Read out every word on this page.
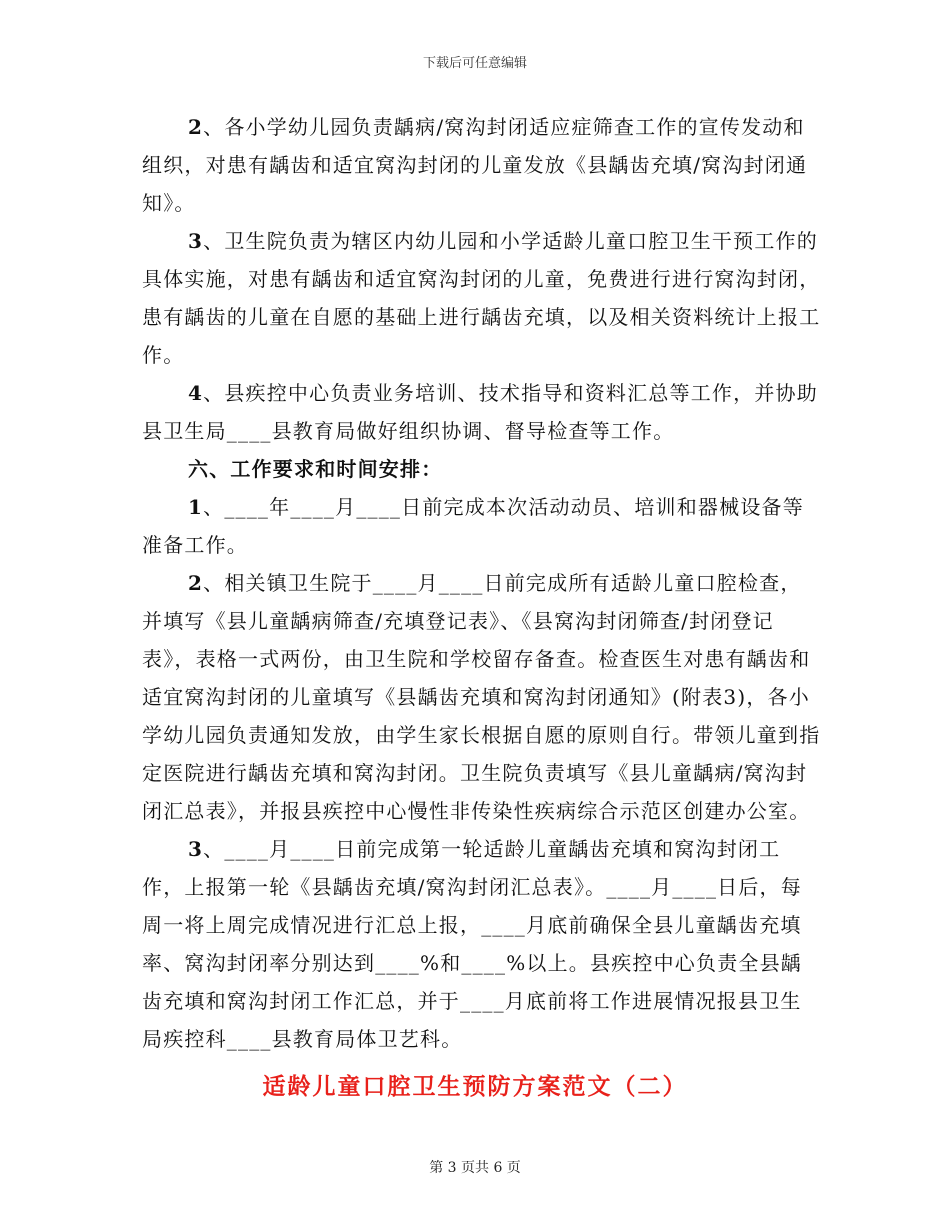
下载后可任意编辑
2、各小学幼儿园负责龋病/窝沟封闭适应症筛查工作的宣传发动和组织，对患有龋齿和适宜窝沟封闭的儿童发放《县龋齿充填/窝沟封闭通知》。
3、卫生院负责为辖区内幼儿园和小学适龄儿童口腔卫生干预工作的具体实施，对患有龋齿和适宜窝沟封闭的儿童，免费进行进行窝沟封闭，患有龋齿的儿童在自愿的基础上进行龋齿充填，以及相关资料统计上报工作。
4、县疾控中心负责业务培训、技术指导和资料汇总等工作，并协助县卫生局____县教育局做好组织协调、督导检查等工作。
六、工作要求和时间安排：
1、____年____月____日前完成本次活动动员、培训和器械设备等准备工作。
2、相关镇卫生院于____月____日前完成所有适龄儿童口腔检查，并填写《县儿童龋病筛查/充填登记表》、《县窝沟封闭筛查/封闭登记表》，表格一式两份，由卫生院和学校留存备查。检查医生对患有龋齿和适宜窝沟封闭的儿童填写《县龋齿充填和窝沟封闭通知》(附表3)，各小学幼儿园负责通知发放，由学生家长根据自愿的原则自行。带领儿童到指定医院进行龋齿充填和窝沟封闭。卫生院负责填写《县儿童龋病/窝沟封闭汇总表》，并报县疾控中心慢性非传染性疾病综合示范区创建办公室。
3、____月____日前完成第一轮适龄儿童龋齿充填和窝沟封闭工作，上报第一轮《县龋齿充填/窝沟封闭汇总表》。____月____日后，每周一将上周完成情况进行汇总上报，____月底前确保全县儿童龋齿充填率、窝沟封闭率分别达到____%和____%以上。县疾控中心负责全县龋齿充填和窝沟封闭工作汇总，并于____月底前将工作进展情况报县卫生局疾控科____县教育局体卫艺科。
适龄儿童口腔卫生预防方案范文（二）
第 3 页共 6 页
